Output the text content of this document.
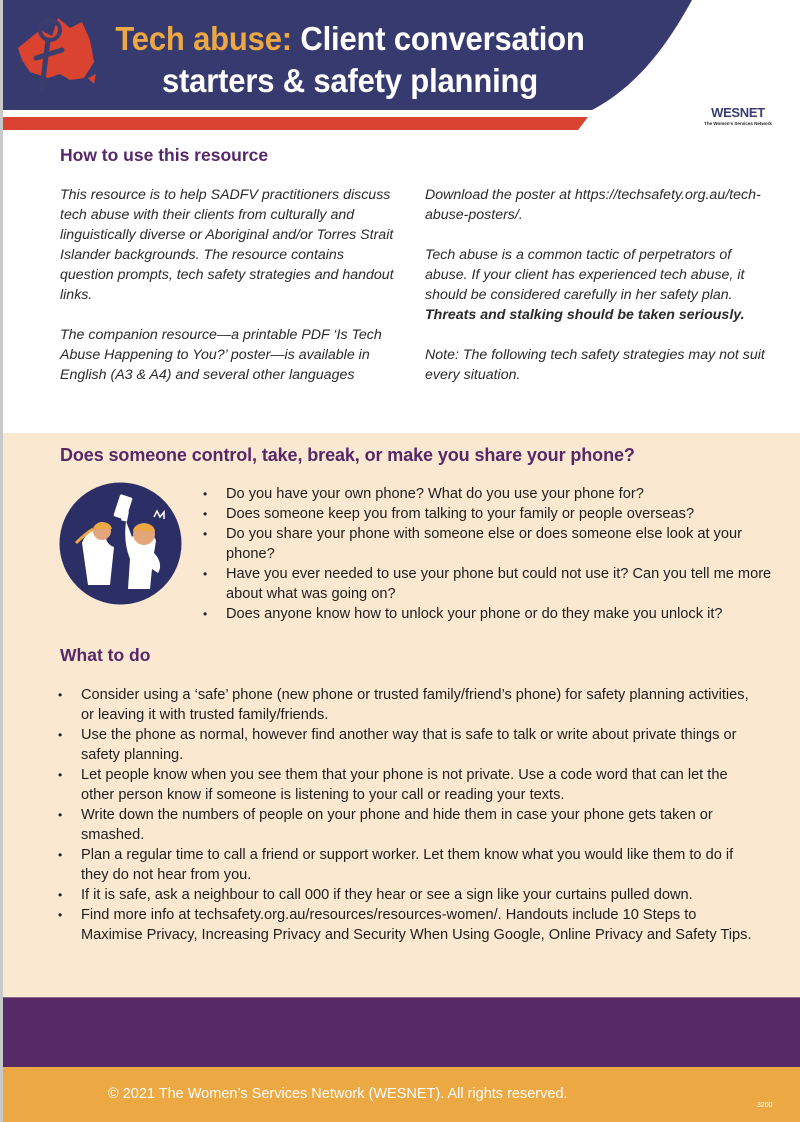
Tech abuse: Client conversation
starters & safety planning
WESNET
The Women's Services Network
How to use this resource

This resource is to help SADFV practitioners discuss tech abuse with their clients from culturally and linguistically diverse or Aboriginal and/or Torres Strait Islander backgrounds. The resource contains question prompts, tech safety strategies and handout links.

The companion resource—a printable PDF ‘Is Tech Abuse Happening to You?’ poster—is available in English (A3 & A4) and several other languages

Download the poster at https://techsafety.org.au/tech-abuse-posters/.

Tech abuse is a common tactic of perpetrators of abuse. If your client has experienced tech abuse, it should be considered carefully in her safety plan. Threats and stalking should be taken seriously.

Note: The following tech safety strategies may not suit every situation.

Does someone control, take, break, or make you share your phone?
• Do you have your own phone? What do you use your phone for?
• Does someone keep you from talking to your family or people overseas?
• Do you share your phone with someone else or does someone else look at your phone?
• Have you ever needed to use your phone but could not use it? Can you tell me more about what was going on?
• Does anyone know how to unlock your phone or do they make you unlock it?
What to do
• Consider using a ‘safe’ phone (new phone or trusted family/friend’s phone) for safety planning activities, or leaving it with trusted family/friends.
• Use the phone as normal, however find another way that is safe to talk or write about private things or safety planning.
• Let people know when you see them that your phone is not private. Use a code word that can let the other person know if someone is listening to your call or reading your texts.
• Write down the numbers of people on your phone and hide them in case your phone gets taken or smashed.
• Plan a regular time to call a friend or support worker. Let them know what you would like them to do if they do not hear from you.
• If it is safe, ask a neighbour to call 000 if they hear or see a sign like your curtains pulled down.
• Find more info at techsafety.org.au/resources/resources-women/. Handouts include 10 Steps to Maximise Privacy, Increasing Privacy and Security When Using Google, Online Privacy and Safety Tips.
© 2021 The Women’s Services Network (WESNET). All rights reserved.
3200
